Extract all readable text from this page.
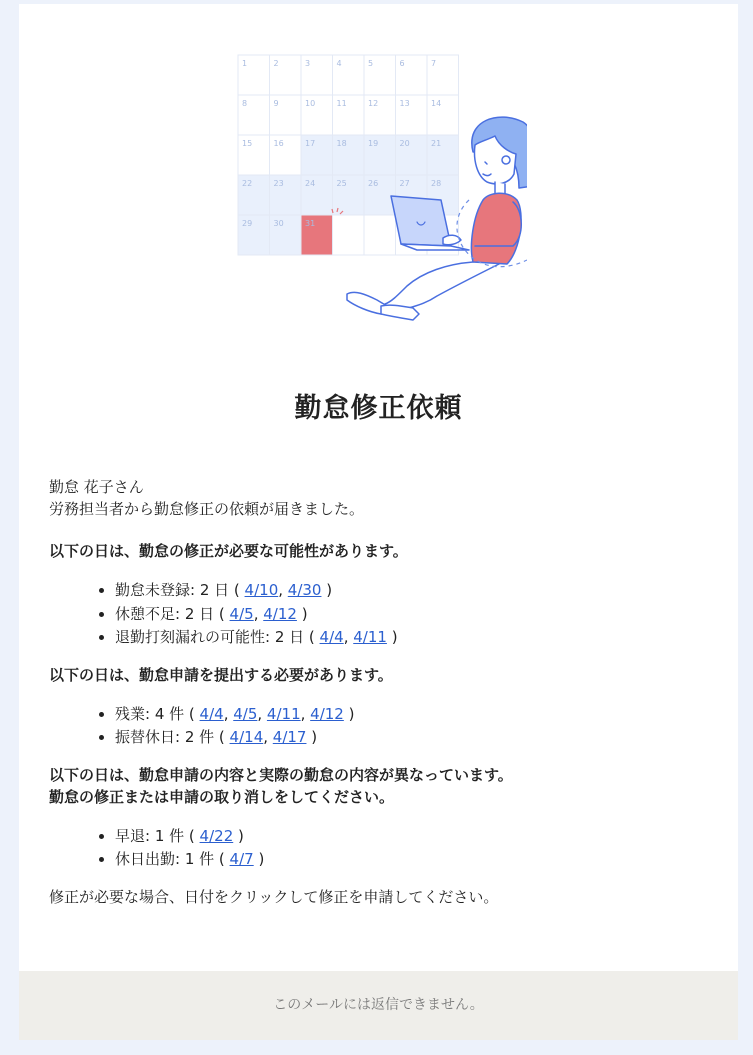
1	2	3	4	5	6	7
8	9	10	11	12	13	14
15	16	17	18	19	20	21
22	23	24	25	26	27	28
29	30	31
勤怠修正依頼

勤怠 花子さん

労務担当者から勤怠修正の依頼が届きました。

以下の日は、勤怠の修正が必要な可能性があります。

• 勤怠未登録: 2 日 ( 4/10, 4/30 )
• 休憩不足: 2 日 ( 4/5, 4/12 )
• 退勤打刻漏れの可能性: 2 日 ( 4/4, 4/11 )

以下の日は、勤怠申請を提出する必要があります。

• 残業: 4 件 ( 4/4, 4/5, 4/11, 4/12 )
• 振替休日: 2 件 ( 4/14, 4/17 )

以下の日は、勤怠申請の内容と実際の勤怠の内容が異なっています。

勤怠の修正または申請の取り消しをしてください。

• 早退: 1 件 ( 4/22 )
• 休日出勤: 1 件 ( 4/7 )

修正が必要な場合、日付をクリックして修正を申請してください。

このメールには返信できません。
